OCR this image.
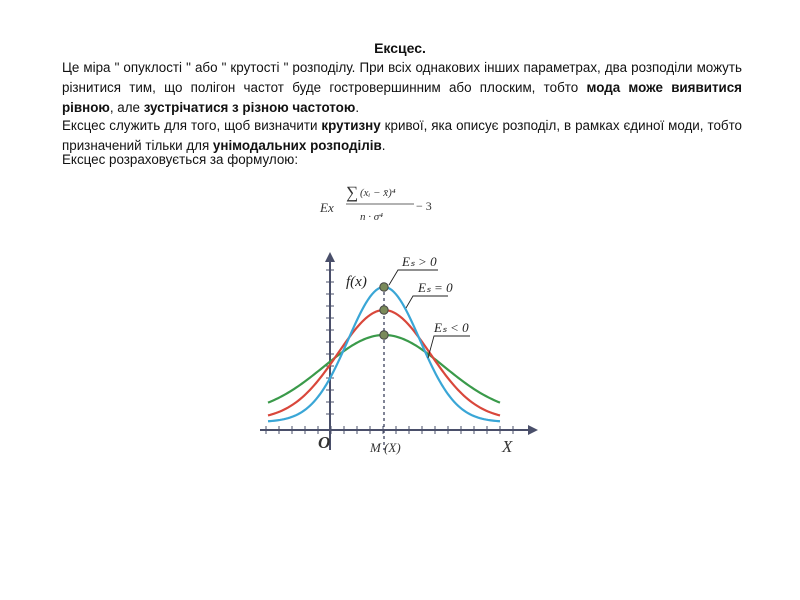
Ексцес.
Це міра " опуклості " або " крутості " розподілу. При всіх однакових інших параметрах, два розподіли можуть різнитися тим, що полігон частот буде гостровершинним або плоским, тобто мода може виявитися рівною, але зустрічатися з різною частотою.
Ексцес служить для того, щоб визначити крутизну кривої, яка описує розподіл, в рамках єдиної моди, тобто призначений тільки для унімодальних розподілів.
Ексцес розраховується за формулою:
Ex
∑ (xᵢ − x̄)⁴
n · σ⁴
− 3
Eₛ > 0
Eₛ = 0
Eₛ < 0
f(x)
O	M (X)	X
